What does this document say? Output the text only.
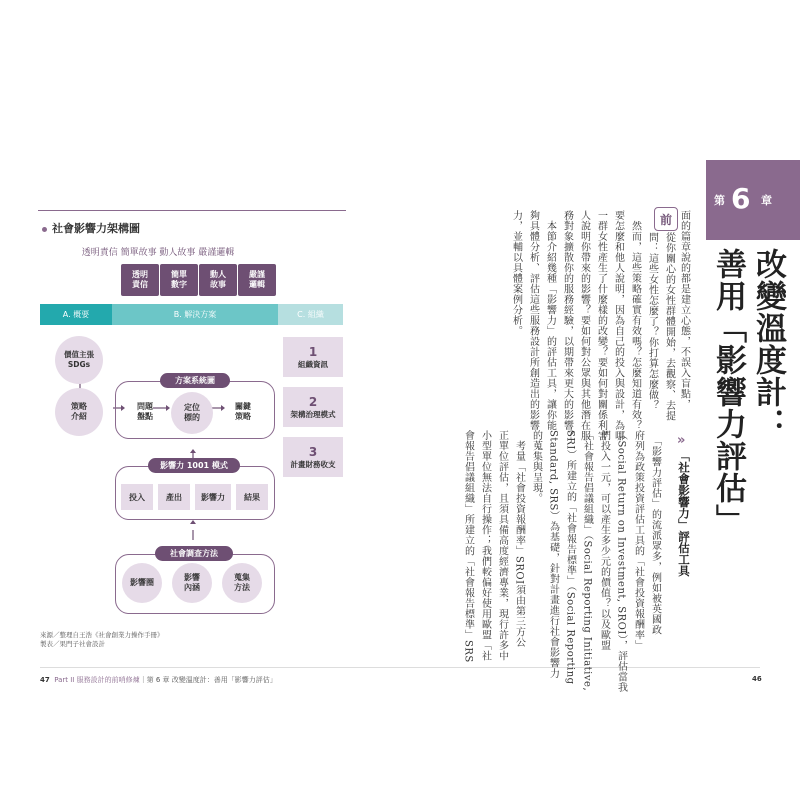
社會影響力架構圖
透明責信 簡單故事 動人故事 嚴謹邏輯
透明
責信
簡單
數字
動人
故事
嚴謹
邏輯
A. 概要	B. 解決方案	C. 組織
價值主張
SDGs
策略
介紹
方案系統圖
問題
盤點
定位
標的
關鍵
策略
影響力 1001 模式
投入	產出	影響力	結果
社會調查方法
影響圈
影響
內涵
蒐集
方法
1
組織資訊
2
架構治理模式
3
計畫財務收支
來源／整理自王浩《社會創業力操作手冊》
製表／果門子社會設計
47 Part II 服務設計的前哨修煉｜第 6 章 改變溫度計：善用「影響力評估」	46
第 6 章
改變溫度計：
善用「影響力評估」
前 面的篇章說的都是建立心態，不誤入盲點，
從你關心的女性群體開始，去觀察、去提
問：這些女性怎麼了？你打算怎麼做？
　然而，這些策略確實有效嗎？怎麼知道有效？
要怎麼和他人說明，因為自己的投入與設計，為哪
一群女性產生了什麼樣的改變？要如何對關係利害
人說明你帶來的影響？要如何對公眾與其他潛在服
務對象擴散你的服務經驗，以期帶來更大的影響？
　本節介紹幾種「影響力」的評估工具，讓你能
夠具體分析、評估這些服務設計所創造出的影響
力，並輔以具體案例分析。
»
「社會影響力」評估工具
　「影響力評估」的流派眾多，例如被英國政
府列為政策投資評估工具的「社會投資報酬率」
（Social Return on Investment, SROI），評估當我
們投入一元，可以產生多少元的價值？以及歐盟
「社會報告倡議組織」（Social Reporting Initiative,
SRI）所建立的「社會報告標準」（Social Reporting
Standard, SRS）為基礎，針對計畫進行社會影響力
的蒐集與呈現。
　考量「社會投資報酬率」SROI須由第三方公
正單位評估，且須具備高度經濟專業，現行許多中
小型單位無法自行操作；我們較偏好使用歐盟「社
會報告倡議組織」所建立的「社會報告標準」SRS
